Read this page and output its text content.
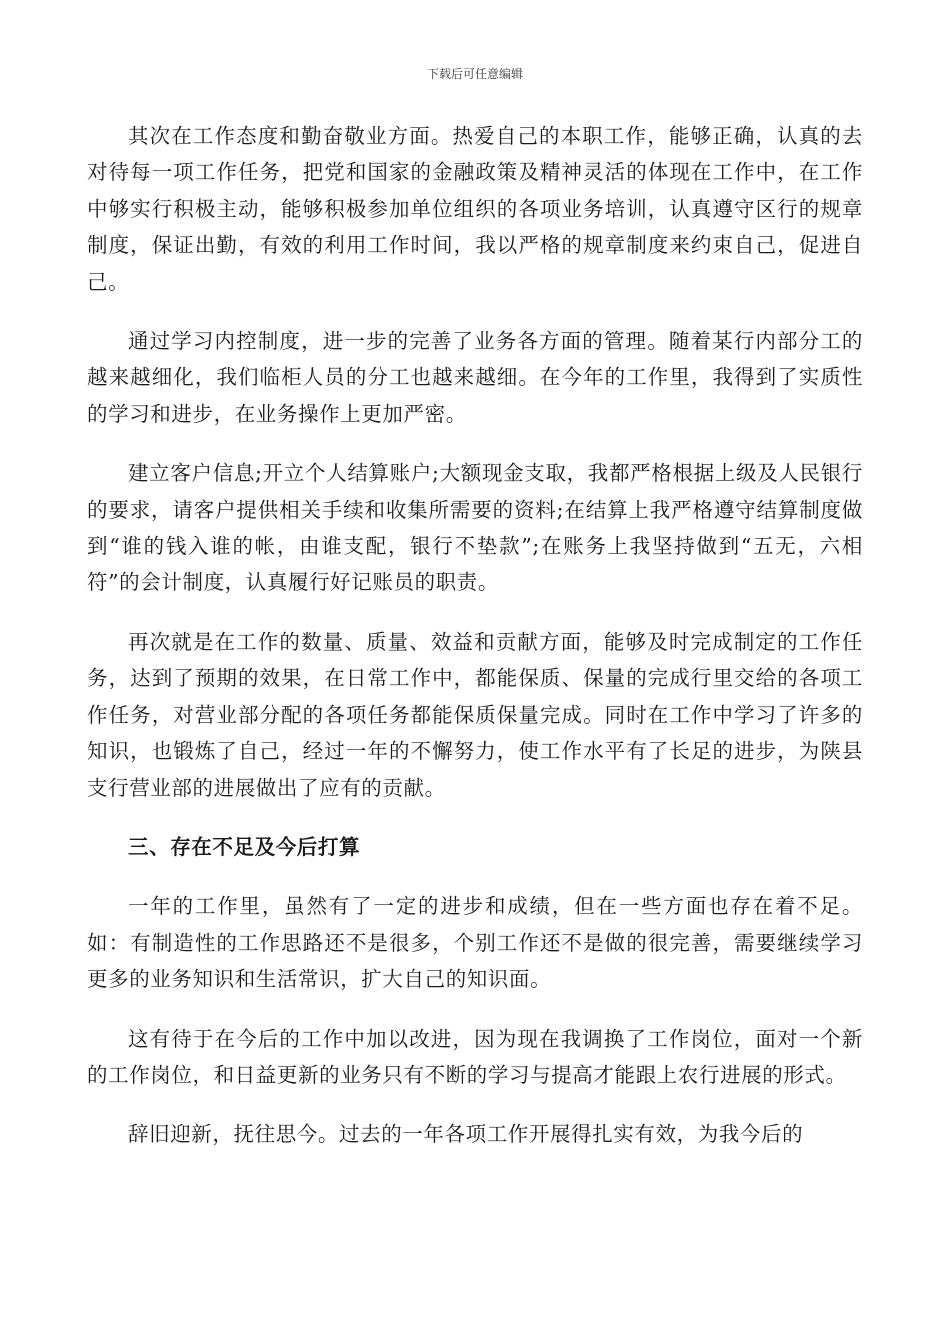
下载后可任意编辑

其次在工作态度和勤奋敬业方面。热爱自己的本职工作，能够正确，认真的去对待每一项工作任务，把党和国家的金融政策及精神灵活的体现在工作中，在工作中够实行积极主动，能够积极参加单位组织的各项业务培训，认真遵守区行的规章制度，保证出勤，有效的利用工作时间，我以严格的规章制度来约束自己，促进自己。

通过学习内控制度，进一步的完善了业务各方面的管理。随着某行内部分工的越来越细化，我们临柜人员的分工也越来越细。在今年的工作里，我得到了实质性的学习和进步，在业务操作上更加严密。

建立客户信息;开立个人结算账户;大额现金支取，我都严格根据上级及人民银行的要求，请客户提供相关手续和收集所需要的资料;在结算上我严格遵守结算制度做到“谁的钱入谁的帐，由谁支配，银行不垫款”;在账务上我坚持做到“五无，六相符”的会计制度，认真履行好记账员的职责。

再次就是在工作的数量、质量、效益和贡献方面，能够及时完成制定的工作任务，达到了预期的效果，在日常工作中，都能保质、保量的完成行里交给的各项工作任务，对营业部分配的各项任务都能保质保量完成。同时在工作中学习了许多的知识，也锻炼了自己，经过一年的不懈努力，使工作水平有了长足的进步，为陕县支行营业部的进展做出了应有的贡献。

三、存在不足及今后打算

一年的工作里，虽然有了一定的进步和成绩，但在一些方面也存在着不足。如：有制造性的工作思路还不是很多，个别工作还不是做的很完善，需要继续学习更多的业务知识和生活常识，扩大自己的知识面。

这有待于在今后的工作中加以改进，因为现在我调换了工作岗位，面对一个新的工作岗位，和日益更新的业务只有不断的学习与提高才能跟上农行进展的形式。

辞旧迎新，抚往思今。过去的一年各项工作开展得扎实有效，为我今后的
